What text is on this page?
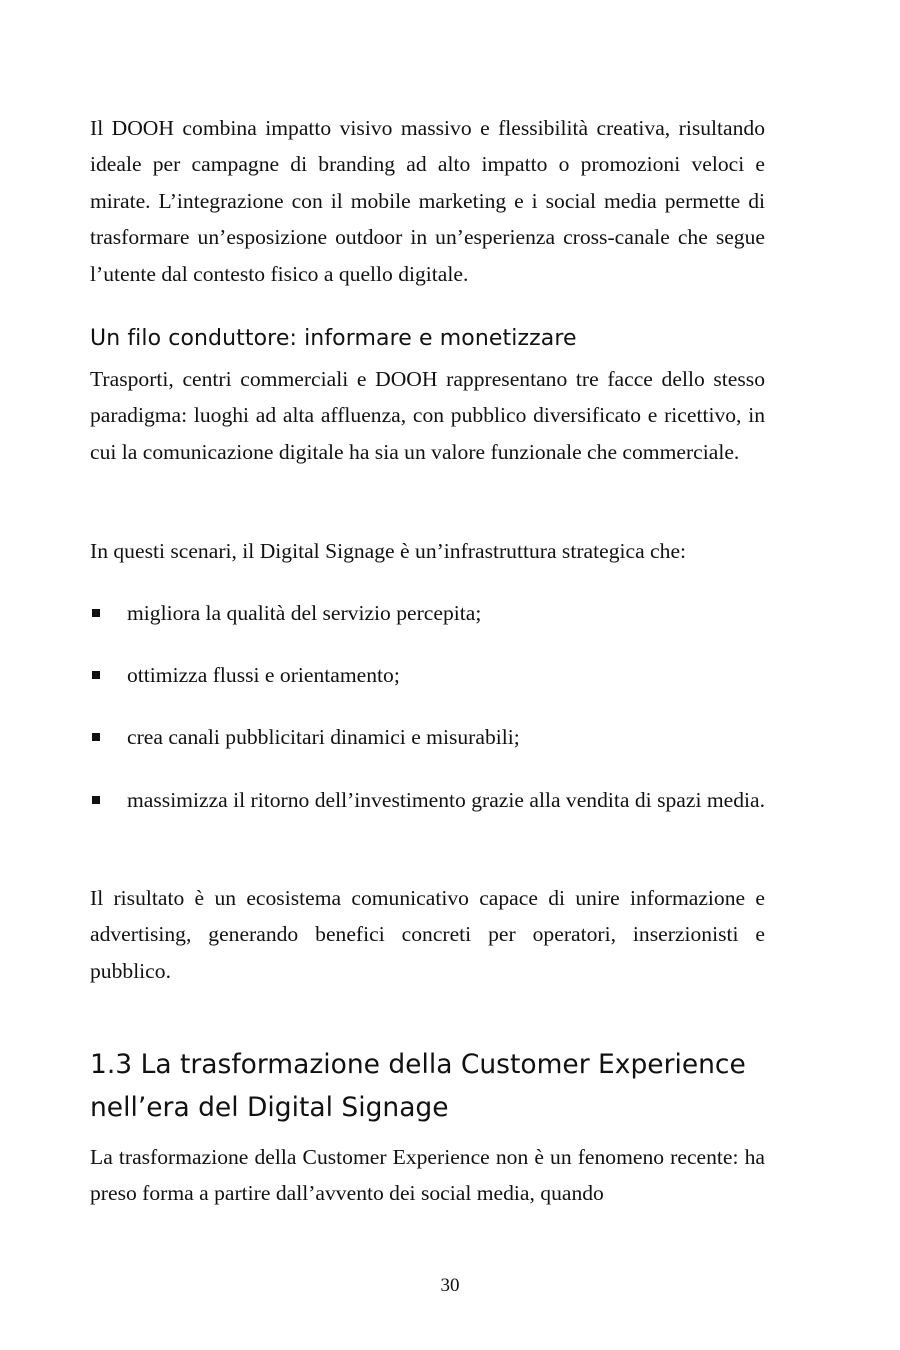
Il DOOH combina impatto visivo massivo e flessibilità creativa, risultando ideale per campagne di branding ad alto impatto o promozioni veloci e mirate. L’integrazione con il mobile marketing e i social media permette di trasformare un’esposizione outdoor in un’esperienza cross-canale che segue l’utente dal contesto fisico a quello digitale.

Un filo conduttore: informare e monetizzare

Trasporti, centri commerciali e DOOH rappresentano tre facce dello stesso paradigma: luoghi ad alta affluenza, con pubblico diversificato e ricettivo, in cui la comunicazione digitale ha sia un valore funzionale che commerciale.

In questi scenari, il Digital Signage è un’infrastruttura strategica che:

migliora la qualità del servizio percepita;
ottimizza flussi e orientamento;
crea canali pubblicitari dinamici e misurabili;
massimizza il ritorno dell’investimento grazie alla vendita di spazi media.

Il risultato è un ecosistema comunicativo capace di unire informazione e advertising, generando benefici concreti per operatori, inserzionisti e pubblico.

1.3 La trasformazione della Customer Experience nell’era del Digital Signage

La trasformazione della Customer Experience non è un fenomeno recente: ha preso forma a partire dall’avvento dei social media, quando

30
